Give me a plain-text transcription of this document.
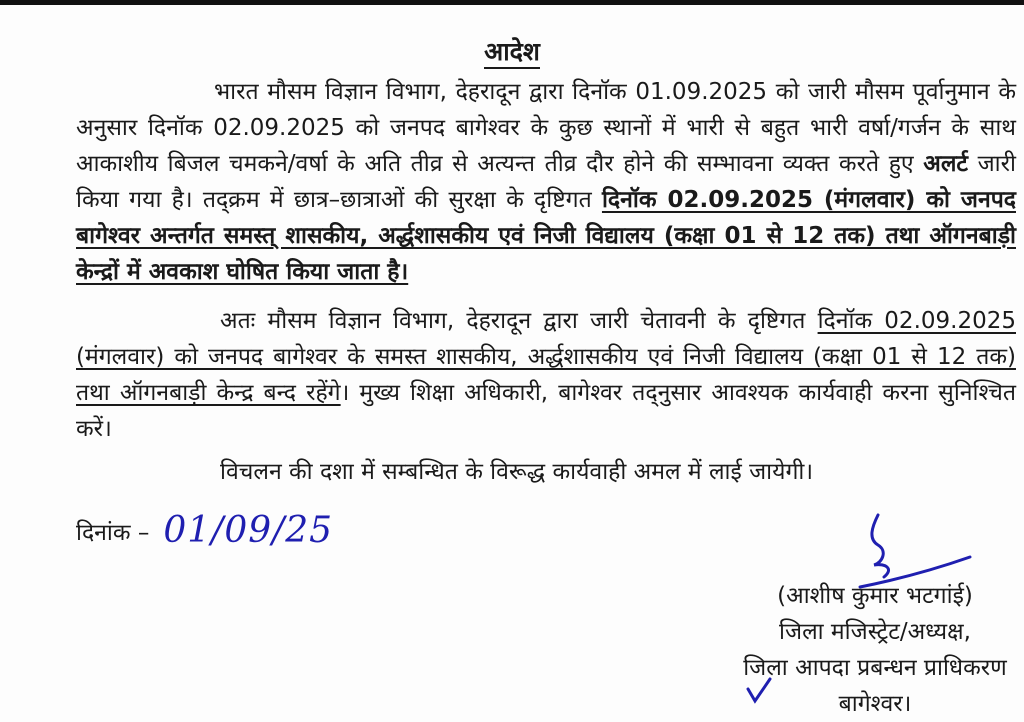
आदेश

भारत मौसम विज्ञान विभाग, देहरादून द्वारा दिनॉक 01.09.2025 को जारी मौसम पूर्वानुमान के अनुसार दिनॉक 02.09.2025 को जनपद बागेश्वर के कुछ स्थानों में भारी से बहुत भारी वर्षा/गर्जन के साथ आकाशीय बिजल चमकने/वर्षा के अति तीव्र से अत्यन्त तीव्र दौर होने की सम्भावना व्यक्त करते हुए अलर्ट जारी किया गया है। तद्क्रम में छात्र–छात्राओं की सुरक्षा के दृष्टिगत दिनॉक 02.09.2025 (मंगलवार) को जनपद बागेश्वर अन्तर्गत समस्त् शासकीय, अर्द्धशासकीय एवं निजी विद्यालय (कक्षा 01 से 12 तक) तथा ऑगनबाड़ी केन्द्रों में अवकाश घोषित किया जाता है।

अतः मौसम विज्ञान विभाग, देहरादून द्वारा जारी चेतावनी के दृष्टिगत दिनॉक 02.09.2025 (मंगलवार) को जनपद बागेश्वर के समस्त शासकीय, अर्द्धशासकीय एवं निजी विद्यालय (कक्षा 01 से 12 तक) तथा ऑगनबाड़ी केन्द्र बन्द रहेंगे। मुख्य शिक्षा अधिकारी, बागेश्वर तद्नुसार आवश्यक कार्यवाही करना सुनिश्चित करें।

विचलन की दशा में सम्बन्धित के विरूद्ध कार्यवाही अमल में लाई जायेगी।

दिनांक – 01/09/25
(आशीष कुमार भटगांई)
जिला मजिस्ट्रेट/अध्यक्ष,
जिला आपदा प्रबन्धन प्राधिकरण
बागेश्वर।
